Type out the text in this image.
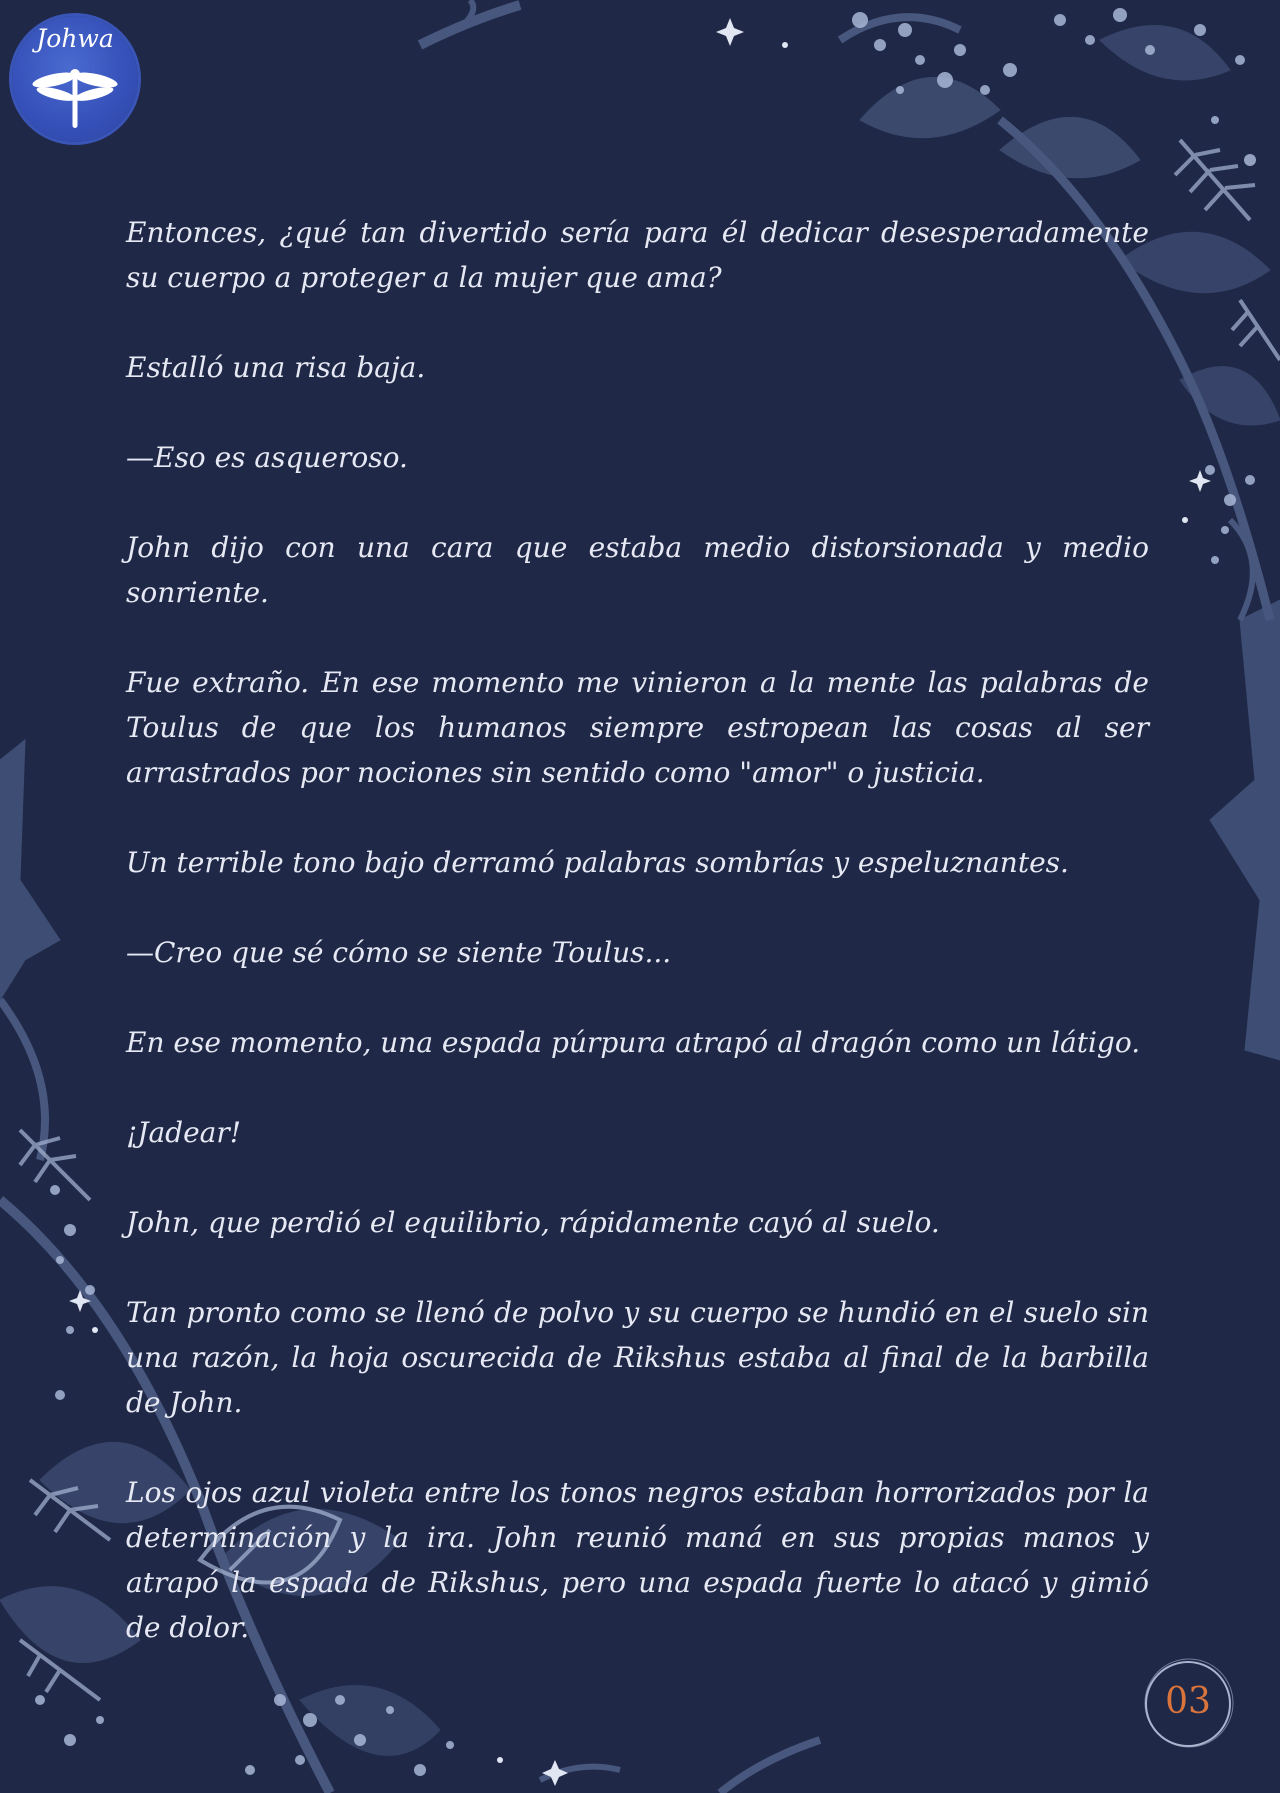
Johwa

Entonces, ¿qué tan divertido sería para él dedicar desesperadamente su cuerpo a proteger a la mujer que ama?

Estalló una risa baja.

—Eso es asqueroso.

John dijo con una cara que estaba medio distorsionada y medio sonriente.

Fue extraño. En ese momento me vinieron a la mente las palabras de Toulus de que los humanos siempre estropean las cosas al ser arrastrados por nociones sin sentido como "amor" o justicia.

Un terrible tono bajo derramó palabras sombrías y espeluznantes.

—Creo que sé cómo se siente Toulus...

En ese momento, una espada púrpura atrapó al dragón como un látigo.

¡Jadear!

John, que perdió el equilibrio, rápidamente cayó al suelo.

Tan pronto como se llenó de polvo y su cuerpo se hundió en el suelo sin una razón, la hoja oscurecida de Rikshus estaba al final de la barbilla de John.

Los ojos azul violeta entre los tonos negros estaban horrorizados por la determinación y la ira. John reunió maná en sus propias manos y atrapó la espada de Rikshus, pero una espada fuerte lo atacó y gimió de dolor.

03
